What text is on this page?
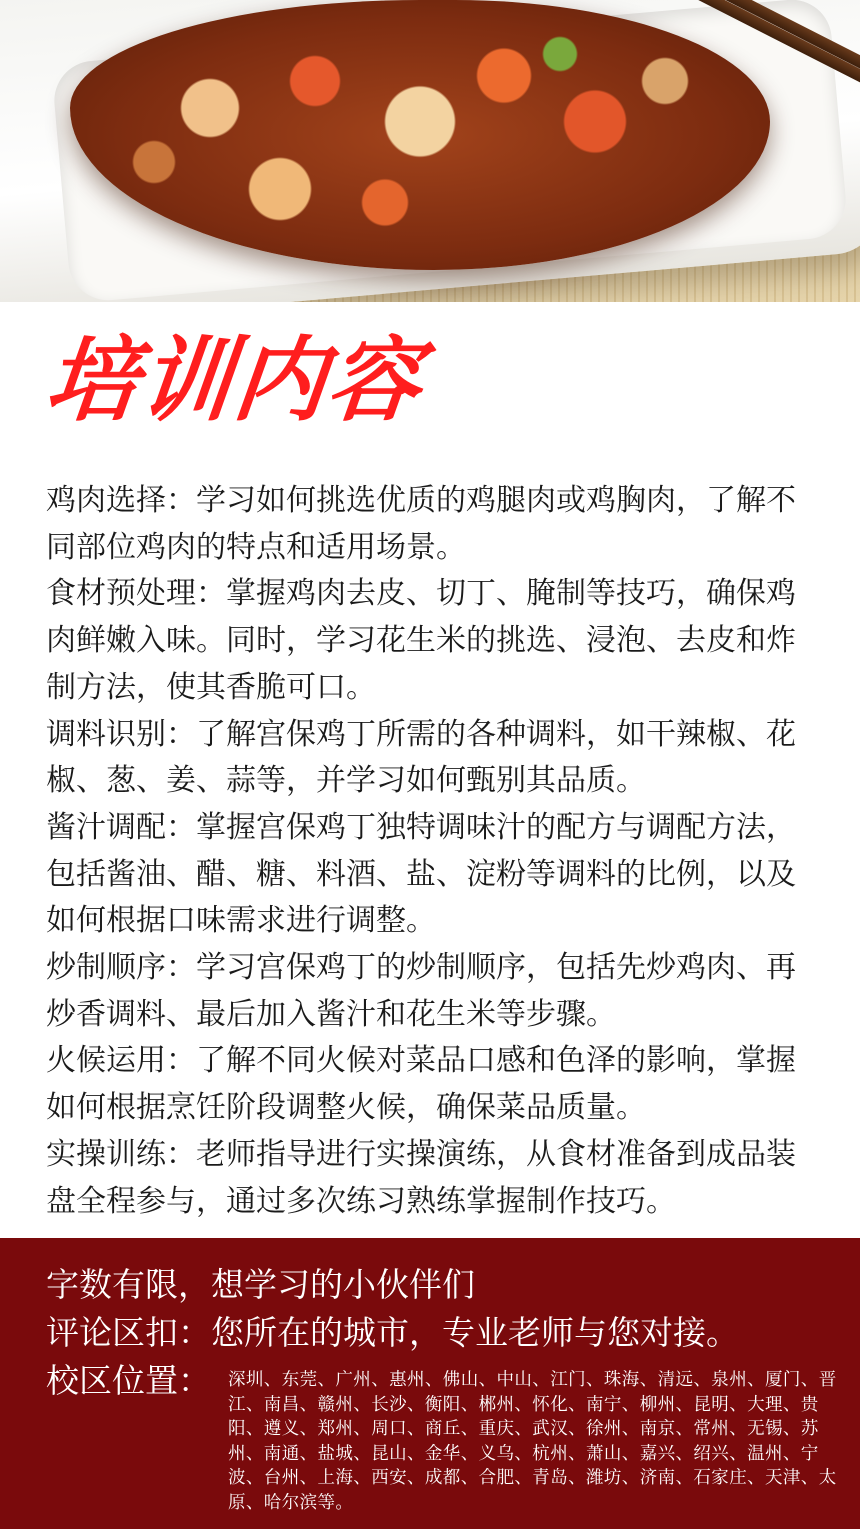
培训内容

鸡肉选择：学习如何挑选优质的鸡腿肉或鸡胸肉，了解不同部位鸡肉的特点和适用场景。

食材预处理：掌握鸡肉去皮、切丁、腌制等技巧，确保鸡肉鲜嫩入味。同时，学习花生米的挑选、浸泡、去皮和炸制方法，使其香脆可口。

调料识别：了解宫保鸡丁所需的各种调料，如干辣椒、花椒、葱、姜、蒜等，并学习如何甄别其品质。

酱汁调配：掌握宫保鸡丁独特调味汁的配方与调配方法，包括酱油、醋、糖、料酒、盐、淀粉等调料的比例，以及如何根据口味需求进行调整。

炒制顺序：学习宫保鸡丁的炒制顺序，包括先炒鸡肉、再炒香调料、最后加入酱汁和花生米等步骤。

火候运用：了解不同火候对菜品口感和色泽的影响，掌握如何根据烹饪阶段调整火候，确保菜品质量。

实操训练：老师指导进行实操演练，从食材准备到成品装盘全程参与，通过多次练习熟练掌握制作技巧。

字数有限，想学习的小伙伴们
评论区扣：您所在的城市，专业老师与您对接。
校区位置： 深圳、东莞、广州、惠州、佛山、中山、江门、珠海、清远、泉州、厦门、晋江、南昌、赣州、长沙、衡阳、郴州、怀化、南宁、柳州、昆明、大理、贵阳、遵义、郑州、周口、商丘、重庆、武汉、徐州、南京、常州、无锡、苏州、南通、盐城、昆山、金华、义乌、杭州、萧山、嘉兴、绍兴、温州、宁波、台州、上海、西安、成都、合肥、青岛、潍坊、济南、石家庄、天津、太原、哈尔滨等。
